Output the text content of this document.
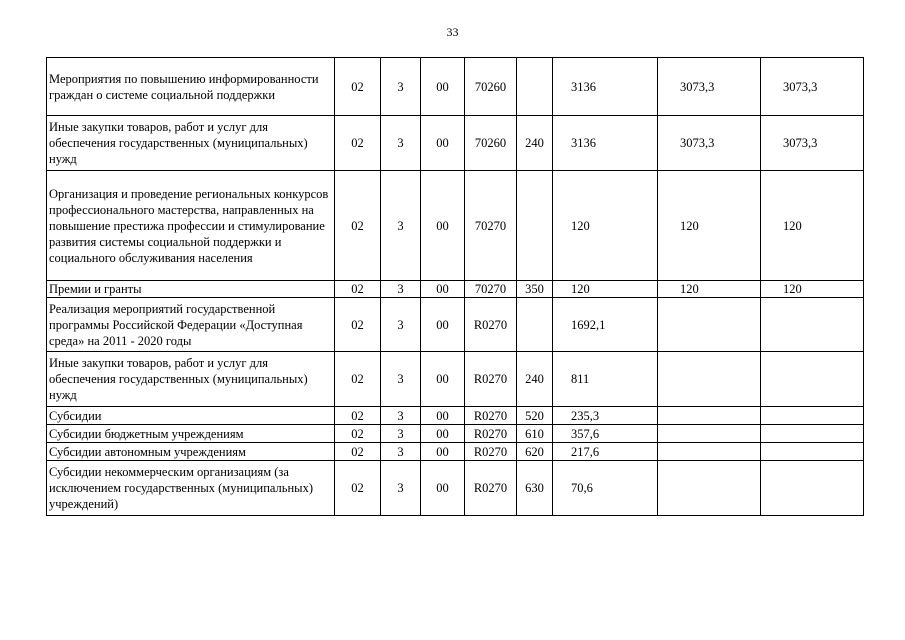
33
Мероприятия по повышению информированности граждан о системе социальной поддержки	02	3	00	70260		3136	3073,3	3073,3
Иные закупки товаров, работ и услуг для обеспечения государственных (муниципальных) нужд	02	3	00	70260	240	3136	3073,3	3073,3
Организация и проведение региональных конкурсов профессионального мастерства, направленных на повышение престижа профессии и стимулирование развития системы социальной поддержки и социального обслуживания населения	02	3	00	70270		120	120	120
Премии и гранты	02	3	00	70270	350	120	120	120
Реализация мероприятий государственной программы Российской Федерации «Доступная среда» на 2011 - 2020 годы	02	3	00	R0270		1692,1		
Иные закупки товаров, работ и услуг для обеспечения государственных (муниципальных) нужд	02	3	00	R0270	240	811		
Субсидии	02	3	00	R0270	520	235,3		
Субсидии бюджетным учреждениям	02	3	00	R0270	610	357,6		
Субсидии автономным учреждениям	02	3	00	R0270	620	217,6		
Субсидии некоммерческим организациям (за исключением государственных (муниципальных) учреждений)	02	3	00	R0270	630	70,6		
